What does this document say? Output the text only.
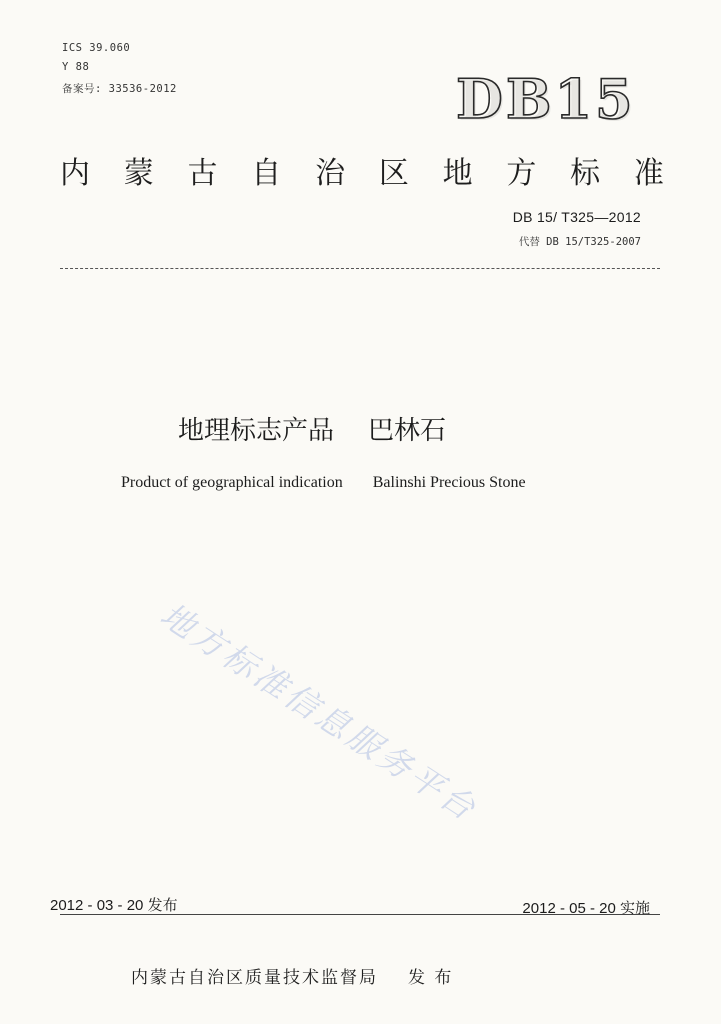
ICS 39.060
Y 88
备案号: 33536-2012	DB15
内 蒙 古 自 治 区 地 方 标 准
DB 15/ T325—2012
代替 DB 15/T325-2007
地理标志产品 巴林石
Product of geographical indication Balinshi Precious Stone
地方标准信息服务平台
2012 - 03 - 20 发布	2012 - 05 - 20 实施
内蒙古自治区质量技术监督局 发 布
